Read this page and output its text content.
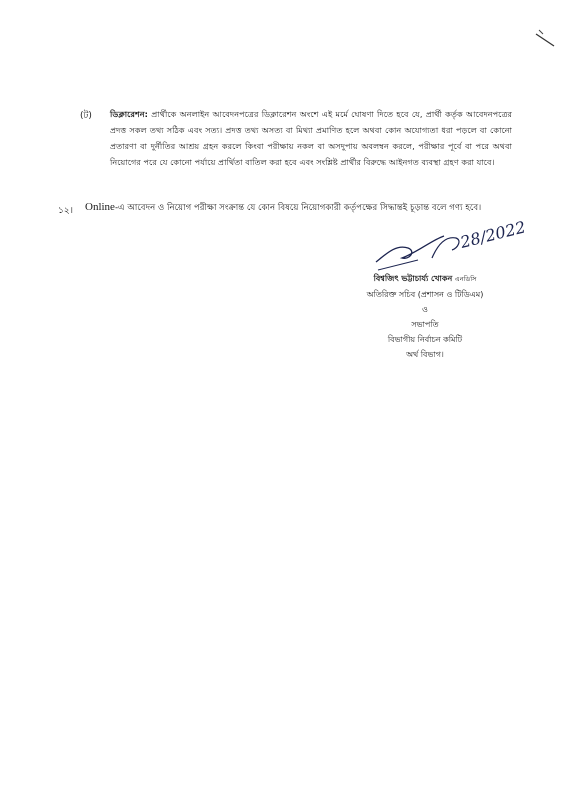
(ট) ডিক্লারেশন: প্রার্থীকে অনলাইন আবেদনপত্রের ডিক্লারেশন অংশে এই মর্মে ঘোষণা দিতে হবে যে, প্রার্থী কর্তৃক আবেদনপত্রের প্রদত্ত সকল তথ্য সঠিক এবং সত্য। প্রদত্ত তথ্য অসত্য বা মিথ্যা প্রমাণিত হলে অথবা কোন অযোগ্যতা ধরা পড়লে বা কোনো প্রতারণা বা দুর্নীতির আশ্রয় গ্রহন করলে কিংবা পরীক্ষায় নকল বা অসদুপায় অবলম্বন করলে, পরীক্ষার পূর্বে বা পরে অথবা নিয়োগের পরে যে কোনো পর্যায়ে প্রার্থিতা বাতিল করা হবে এবং সংশ্লিষ্ট প্রার্থীর বিরুদ্ধে আইনগত ব্যবস্থা গ্রহণ করা যাবে।
১২। Online-এ আবেদন ও নিয়োগ পরীক্ষা সংক্রান্ত যে কোন বিষয়ে নিয়োগকারী কর্তৃপক্ষের সিদ্ধান্তই চূড়ান্ত বলে গণ্য হবে।
28/2022
বিশ্বজিৎ ভট্টাচার্য্য খোকন এনডিসি
অতিরিক্ত সচিব (প্রশাসন ও টিডিএম)
ও
সভাপতি
বিভাগীয় নির্বাচন কমিটি
অর্থ বিভাগ।
